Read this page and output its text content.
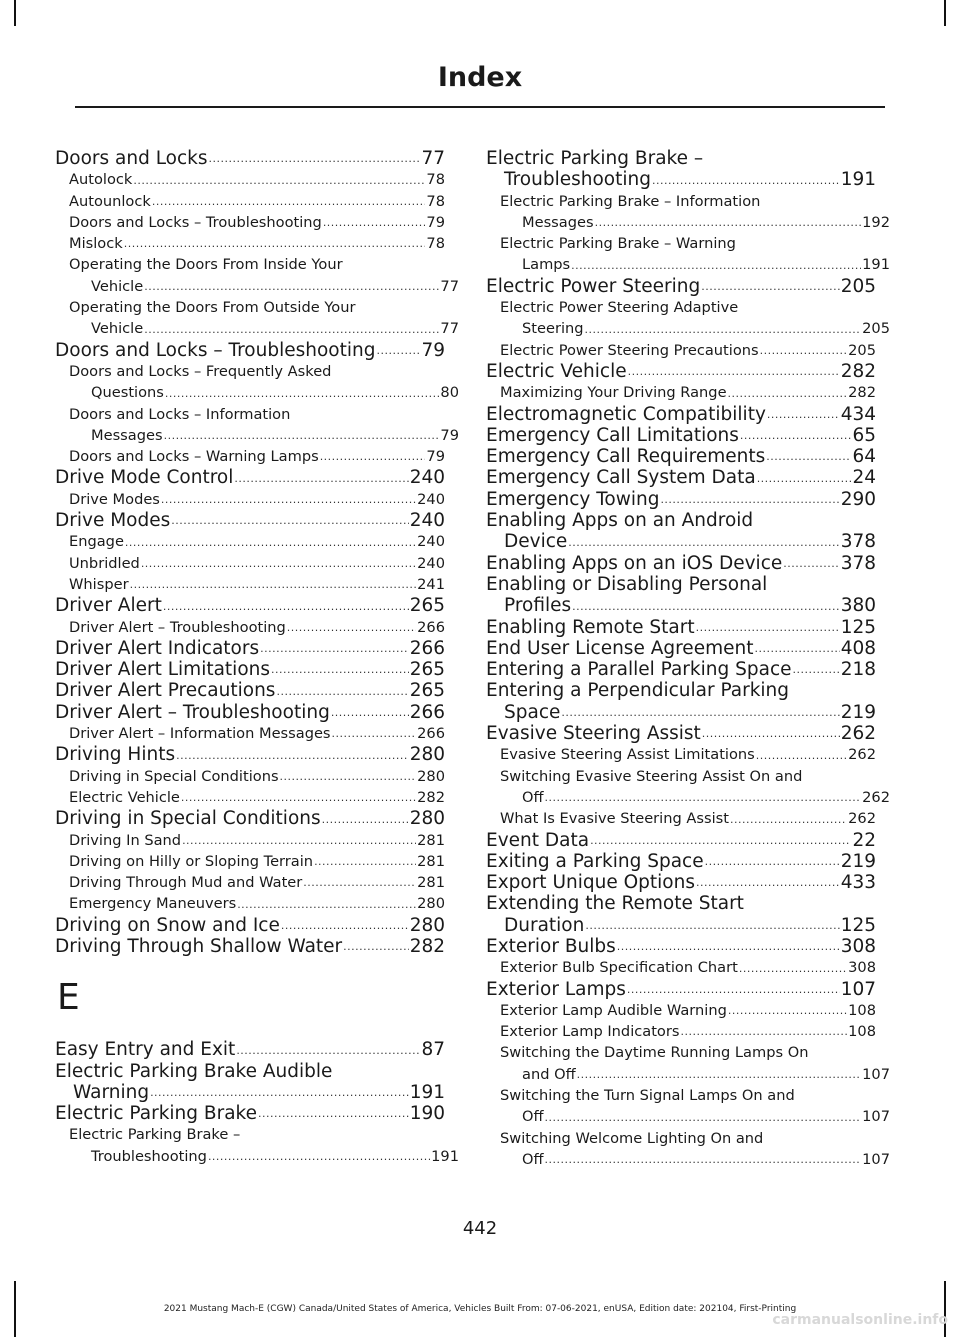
Index
Doors and Locks .....	77
Autolock .....	78
Autounlock .....	78
Doors and Locks – Troubleshooting .....	79
Mislock .....	78
Operating the Doors From Inside Your
Vehicle .....	77
Operating the Doors From Outside Your
Vehicle .....	77
Doors and Locks – Troubleshooting ..... 79
Doors and Locks – Frequently Asked
Questions .....	80
Doors and Locks – Information
Messages .....	79
Doors and Locks – Warning Lamps .....	79
Drive Mode Control .....	240
Drive Modes .....	240
Drive Modes .....	240
Engage .....	240
Unbridled .....	240
Whisper .....	241
Driver Alert .....	265
Driver Alert – Troubleshooting .....	266
Driver Alert Indicators .....	266
Driver Alert Limitations .....	265
Driver Alert Precautions .....	265
Driver Alert – Troubleshooting .....	266
Driver Alert – Information Messages .....	266
Driving Hints .....	280
Driving in Special Conditions .....	280
Electric Vehicle .....	282
Driving in Special Conditions .....	280
Driving In Sand .....	281
Driving on Hilly or Sloping Terrain .....	281
Driving Through Mud and Water .....	281
Emergency Maneuvers .....	280
Driving on Snow and Ice .....	280
Driving Through Shallow Water .....	282
E
Easy Entry and Exit .....	87
Electric Parking Brake Audible
Warning .....	191
Electric Parking Brake .....	190
Electric Parking Brake –
Troubleshooting .....	191
Electric Parking Brake –
Troubleshooting .....	191
Electric Parking Brake – Information
Messages .....	192
Electric Parking Brake – Warning
Lamps .....	191
Electric Power Steering .....	205
Electric Power Steering Adaptive
Steering .....	205
Electric Power Steering Precautions .....	205
Electric Vehicle .....	282
Maximizing Your Driving Range .....	282
Electromagnetic Compatibility .....	434
Emergency Call Limitations .....	65
Emergency Call Requirements .....	64
Emergency Call System Data .....	24
Emergency Towing .....	290
Enabling Apps on an Android
Device .....	378
Enabling Apps on an iOS Device .....	378
Enabling or Disabling Personal
Profiles .....	380
Enabling Remote Start .....	125
End User License Agreement .....	408
Entering a Parallel Parking Space .....	218
Entering a Perpendicular Parking
Space .....	219
Evasive Steering Assist .....	262
Evasive Steering Assist Limitations .....	262
Switching Evasive Steering Assist On and
Off .....	262
What Is Evasive Steering Assist .....	262
Event Data .....	22
Exiting a Parking Space .....	219
Export Unique Options .....	433
Extending the Remote Start
Duration .....	125
Exterior Bulbs .....	308
Exterior Bulb Specification Chart .....	308
Exterior Lamps .....	107
Exterior Lamp Audible Warning .....	108
Exterior Lamp Indicators .....	108
Switching the Daytime Running Lamps On
and Off .....	107
Switching the Turn Signal Lamps On and
Off .....	107
Switching Welcome Lighting On and
Off .....	107
442
2021 Mustang Mach-E (CGW) Canada/United States of America, Vehicles Built From: 07-06-2021, enUSA, Edition date: 202104, First-Printing
carmanualsonline.info
